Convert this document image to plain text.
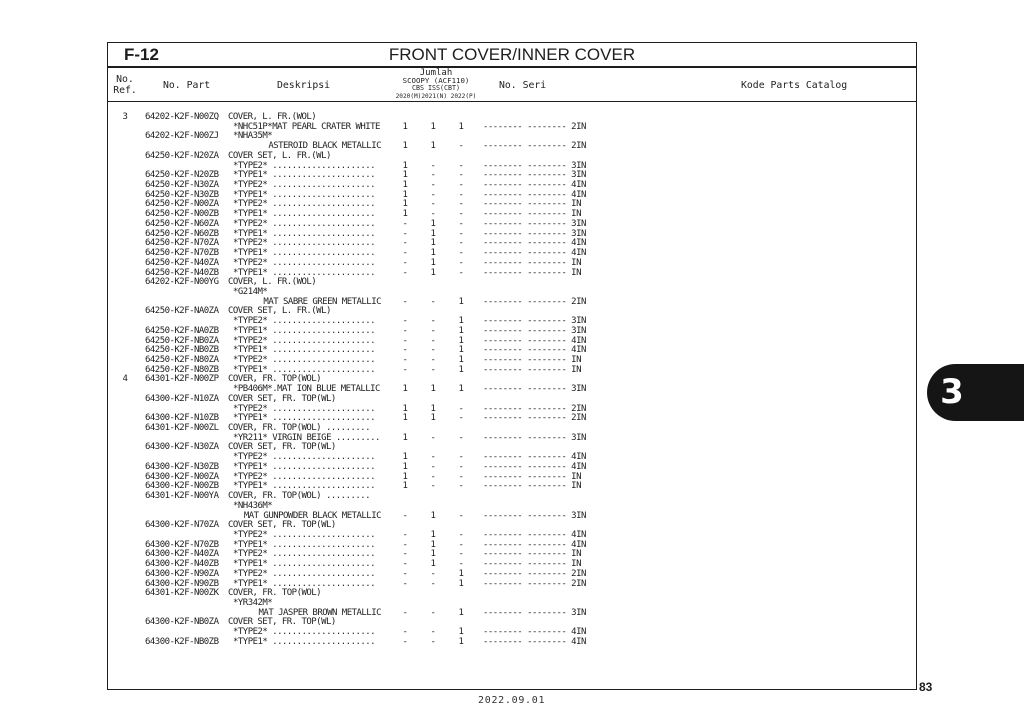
F-12	FRONT COVER/INNER COVER
No.
Ref.	No. Part	Deskripsi
Jumlah
SCOOPY (ACF110)
CBS ISS(CBT)
2020(M)2021(N) 2022(P)
No. Seri	Kode Parts Catalog
3	64202-K2F-N00ZQ COVER, L. FR.(WOL)
*NHC51P*MAT PEARL CRATER WHITE	1	1	1	-------- -------- 2IN
64202-K2F-N00ZJ	*NHA35M*
ASTEROID BLACK METALLIC	1	1	-	-------- -------- 2IN
64250-K2F-N20ZA COVER SET, L. FR.(WL)
*TYPE2* .....................	1	-	-	-------- -------- 3IN
64250-K2F-N20ZB	*TYPE1* .....................	1	-	-	-------- -------- 3IN
64250-K2F-N30ZA	*TYPE2* .....................	1	-	-	-------- -------- 4IN
64250-K2F-N30ZB	*TYPE1* .....................	1	-	-	-------- -------- 4IN
64250-K2F-N00ZA	*TYPE2* .....................	1	-	-	-------- -------- IN
64250-K2F-N00ZB	*TYPE1* .....................	1	-	-	-------- -------- IN
64250-K2F-N60ZA	*TYPE2* .....................	-	1	-	-------- -------- 3IN
64250-K2F-N60ZB	*TYPE1* .....................	-	1	-	-------- -------- 3IN
64250-K2F-N70ZA	*TYPE2* .....................	-	1	-	-------- -------- 4IN
64250-K2F-N70ZB	*TYPE1* .....................	-	1	-	-------- -------- 4IN
64250-K2F-N40ZA	*TYPE2* .....................	-	1	-	-------- -------- IN
64250-K2F-N40ZB	*TYPE1* .....................	-	1	-	-------- -------- IN
64202-K2F-N00YG COVER, L. FR.(WOL)
*G214M*
MAT SABRE GREEN METALLIC	-	-	1	-------- -------- 2IN
64250-K2F-NA0ZA COVER SET, L. FR.(WL)
*TYPE2* .....................	-	-	1	-------- -------- 3IN
64250-K2F-NA0ZB	*TYPE1* .....................	-	-	1	-------- -------- 3IN
64250-K2F-NB0ZA	*TYPE2* .....................	-	-	1	-------- -------- 4IN
64250-K2F-NB0ZB	*TYPE1* .....................	-	-	1	-------- -------- 4IN
64250-K2F-N80ZA	*TYPE2* .....................	-	-	1	-------- -------- IN
64250-K2F-N80ZB	*TYPE1* .....................	-	-	1	-------- -------- IN
4	64301-K2F-N00ZP COVER, FR. TOP(WOL)
*PB406M*.MAT ION BLUE METALLIC	1	1	1	-------- -------- 3IN
64300-K2F-N10ZA COVER SET, FR. TOP(WL)
*TYPE2* .....................	1	1	-	-------- -------- 2IN
64300-K2F-N10ZB	*TYPE1* .....................	1	1	-	-------- -------- 2IN
64301-K2F-N00ZL COVER, FR. TOP(WOL) .........
*YR211* VIRGIN BEIGE .........	1	-	-	-------- -------- 3IN
64300-K2F-N30ZA COVER SET, FR. TOP(WL)
*TYPE2* .....................	1	-	-	-------- -------- 4IN
64300-K2F-N30ZB	*TYPE1* .....................	1	-	-	-------- -------- 4IN
64300-K2F-N00ZA	*TYPE2* .....................	1	-	-	-------- -------- IN
64300-K2F-N00ZB	*TYPE1* .....................	1	-	-	-------- -------- IN
64301-K2F-N00YA COVER, FR. TOP(WOL) .........
*NH436M*
MAT GUNPOWDER BLACK METALLIC	-	1	-	-------- -------- 3IN
64300-K2F-N70ZA COVER SET, FR. TOP(WL)
*TYPE2* .....................	-	1	-	-------- -------- 4IN
64300-K2F-N70ZB	*TYPE1* .....................	-	1	-	-------- -------- 4IN
64300-K2F-N40ZA	*TYPE2* .....................	-	1	-	-------- -------- IN
64300-K2F-N40ZB	*TYPE1* .....................	-	1	-	-------- -------- IN
64300-K2F-N90ZA	*TYPE2* .....................	-	-	1	-------- -------- 2IN
64300-K2F-N90ZB	*TYPE1* .....................	-	-	1	-------- -------- 2IN
64301-K2F-N00ZK COVER, FR. TOP(WOL)
*YR342M*
MAT JASPER BROWN METALLIC	-	-	1	-------- -------- 3IN
64300-K2F-NB0ZA COVER SET, FR. TOP(WL)
*TYPE2* .....................	-	-	1	-------- -------- 4IN
64300-K2F-NB0ZB	*TYPE1* .....................	-	-	1	-------- -------- 4IN
3
83
2022.09.01
